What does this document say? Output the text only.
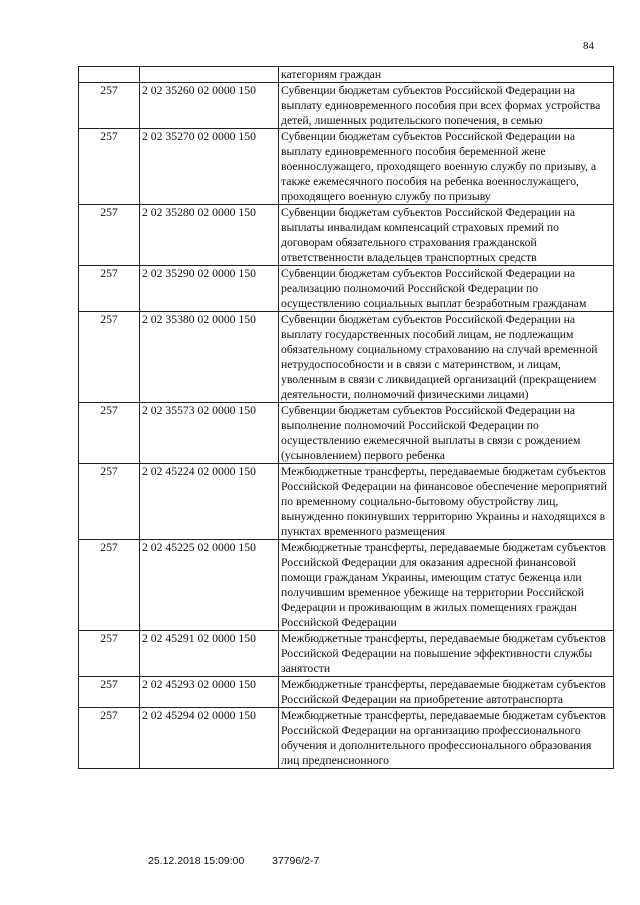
84
		категориям граждан
257	2 02 35260 02 0000 150	Субвенции бюджетам субъектов Российской Федерации на выплату единовременного пособия при всех формах устройства детей, лишенных родительского попечения, в семью
257	2 02 35270 02 0000 150	Субвенции бюджетам субъектов Российской Федерации на выплату единовременного пособия беременной жене военнослужащего, проходящего военную службу по призыву, а также ежемесячного пособия на ребенка военнослужащего, проходящего военную службу по призыву
257	2 02 35280 02 0000 150	Субвенции бюджетам субъектов Российской Федерации на выплаты инвалидам компенсаций страховых премий по договорам обязательного страхования гражданской ответственности владельцев транспортных средств
257	2 02 35290 02 0000 150	Субвенции бюджетам субъектов Российской Федерации на реализацию полномочий Российской Федерации по осуществлению социальных выплат безработным гражданам
257	2 02 35380 02 0000 150	Субвенции бюджетам субъектов Российской Федерации на выплату государственных пособий лицам, не подлежащим обязательному социальному страхованию на случай временной нетрудоспособности и в связи с материнством, и лицам, уволенным в связи с ликвидацией организаций (прекращением деятельности, полномочий физическими лицами)
257	2 02 35573 02 0000 150	Субвенции бюджетам субъектов Российской Федерации на выполнение полномочий Российской Федерации по осуществлению ежемесячной выплаты в связи с рождением (усыновлением) первого ребенка
257	2 02 45224 02 0000 150	Межбюджетные трансферты, передаваемые бюджетам субъектов Российской Федерации на финансовое обеспечение мероприятий по временному социально-бытовому обустройству лиц, вынужденно покинувших территорию Украины и находящихся в пунктах временного размещения
257	2 02 45225 02 0000 150	Межбюджетные трансферты, передаваемые бюджетам субъектов Российской Федерации для оказания адресной финансовой помощи гражданам Украины, имеющим статус беженца или получившим временное убежище на территории Российской Федерации и проживающим в жилых помещениях граждан Российской Федерации
257	2 02 45291 02 0000 150	Межбюджетные трансферты, передаваемые бюджетам субъектов Российской Федерации на повышение эффективности службы занятости
257	2 02 45293 02 0000 150	Межбюджетные трансферты, передаваемые бюджетам субъектов Российской Федерации на приобретение автотранспорта
257	2 02 45294 02 0000 150	Межбюджетные трансферты, передаваемые бюджетам субъектов Российской Федерации на организацию профессионального обучения и дополнительного профессионального образования лиц предпенсионного
25.12.2018 15:09:00	37796/2-7
